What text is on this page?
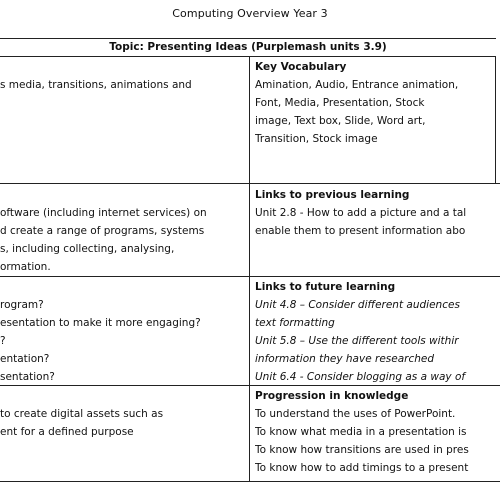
Computing Overview Year 3
Topic: Presenting Ideas (Purplemash units 3.9)
s media, transitions, animations and
Key Vocabulary
Amination, Audio, Entrance animation,
Font, Media, Presentation, Stock
image, Text box, Slide, Word art,
Transition, Stock image
oftware (including internet services) on
d create a range of programs, systems
s, including collecting, analysing,
ormation.
Links to previous learning
Unit 2.8 - How to add a picture and a tal
enable them to present information abo
rogram?
esentation to make it more engaging?
?
entation?
sentation?
Links to future learning
Unit 4.8 – Consider different audiences
text formatting
Unit 5.8 – Use the different tools withir
information they have researched
Unit 6.4 - Consider blogging as a way of
to create digital assets such as
ent for a defined purpose
Progression in knowledge
To understand the uses of PowerPoint.
To know what media in a presentation is
To know how transitions are used in pres
To know how to add timings to a present
